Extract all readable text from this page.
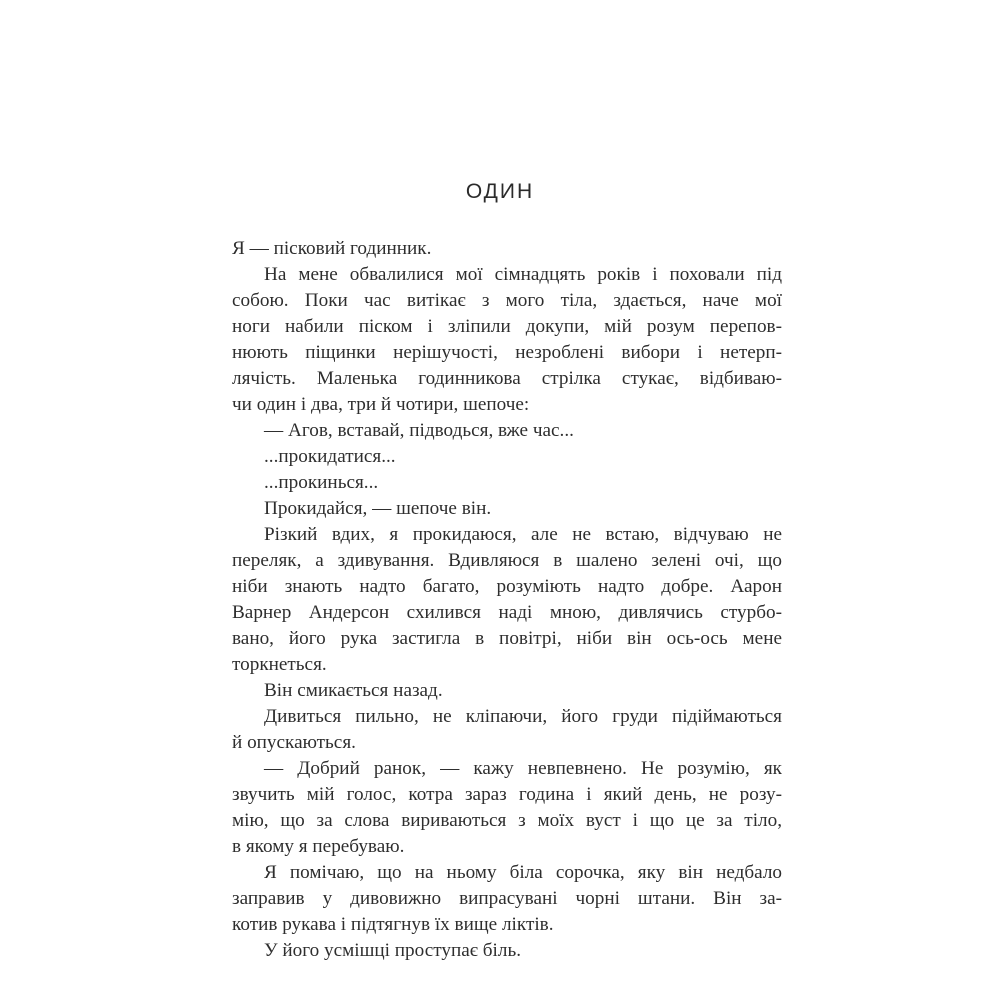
ОДИН
Я — пісковий годинник.
На мене обвалилися мої сімнадцять років і поховали під
собою. Поки час витікає з мого тіла, здається, наче мої
ноги набили піском і зліпили докупи, мій розум перепов-
нюють піщинки нерішучості, незроблені вибори і нетерп-
лячість. Маленька годинникова стрілка стукає, відбиваю-
чи один і два, три й чотири, шепоче:
— Агов, вставай, підводься, вже час...
...прокидатися...
...прокинься...
Прокидайся, — шепоче він.
Різкий вдих, я прокидаюся, але не встаю, відчуваю не
переляк, а здивування. Вдивляюся в шалено зелені очі, що
ніби знають надто багато, розуміють надто добре. Аарон
Варнер Андерсон схилився наді мною, дивлячись стурбо-
вано, його рука застигла в повітрі, ніби він ось-ось мене
торкнеться.
Він смикається назад.
Дивиться пильно, не кліпаючи, його груди підіймаються
й опускаються.
— Добрий ранок, — кажу невпевнено. Не розумію, як
звучить мій голос, котра зараз година і який день, не розу-
мію, що за слова вириваються з моїх вуст і що це за тіло,
в якому я перебуваю.
Я помічаю, що на ньому біла сорочка, яку він недбало
заправив у дивовижно випрасувані чорні штани. Він за-
котив рукава і підтягнув їх вище ліктів.
У його усмішці проступає біль.
